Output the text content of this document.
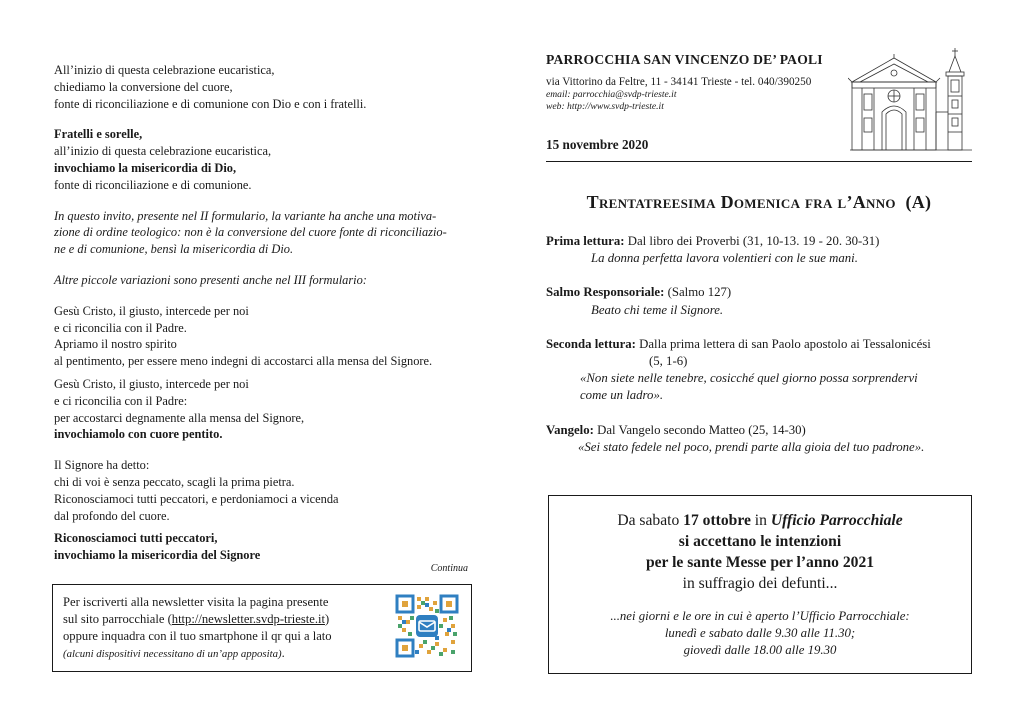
All’inizio di questa celebrazione eucaristica,
chiediamo la conversione del cuore,
fonte di riconciliazione e di comunione con Dio e con i fratelli.

Fratelli e sorelle,
all’inizio di questa celebrazione eucaristica,
invochiamo la misericordia di Dio,
fonte di riconciliazione e di comunione.

In questo invito, presente nel II formulario, la variante ha anche una motiva-
zione di ordine teologico: non è la conversione del cuore fonte di riconciliazio-
ne e di comunione, bensì la misericordia di Dio.

Altre piccole variazioni sono presenti anche nel III formulario:

Gesù Cristo, il giusto, intercede per noi
e ci riconcilia con il Padre.
Apriamo il nostro spirito
al pentimento, per essere meno indegni di accostarci alla mensa del Signore.

Gesù Cristo, il giusto, intercede per noi
e ci riconcilia con il Padre:
per accostarci degnamente alla mensa del Signore,
invochiamolo con cuore pentito.

Il Signore ha detto:
chi di voi è senza peccato, scagli la prima pietra.
Riconosciamoci tutti peccatori, e perdoniamoci a vicenda
dal profondo del cuore.

Riconosciamoci tutti peccatori,
invochiamo la misericordia del Signore

Continua
Per iscriverti alla newsletter visita la pagina presente
sul sito parrocchiale (http://newsletter.svdp-trieste.it)
oppure inquadra con il tuo smartphone il qr qui a lato
(alcuni dispositivi necessitano di un’app apposita).
PARROCCHIA SAN VINCENZO DE’ PAOLI
via Vittorino da Feltre, 11 - 34141 Trieste - tel. 040/390250
email: parrocchia@svdp-trieste.it
web: http://www.svdp-trieste.it
15 novembre 2020
Trentatreesima Domenica fra l’Anno (A)
Prima lettura: Dal libro dei Proverbi (31, 10-13. 19 - 20. 30-31)
La donna perfetta lavora volentieri con le sue mani.
Salmo Responsoriale: (Salmo 127)
Beato chi teme il Signore.
Seconda lettura: Dalla prima lettera di san Paolo apostolo ai Tessalonicési
(5, 1-6)
«Non siete nelle tenebre, cosicché quel giorno possa sorprendervi
come un ladro».
Vangelo: Dal Vangelo secondo Matteo (25, 14-30)
«Sei stato fedele nel poco, prendi parte alla gioia del tuo padrone».
Da sabato 17 ottobre in Ufficio Parrocchiale
si accettano le intenzioni
per le sante Messe per l’anno 2021
in suffragio dei defunti...
...nei giorni e le ore in cui è aperto l’Ufficio Parrocchiale:
lunedì e sabato dalle 9.30 alle 11.30;
giovedì dalle 18.00 alle 19.30
